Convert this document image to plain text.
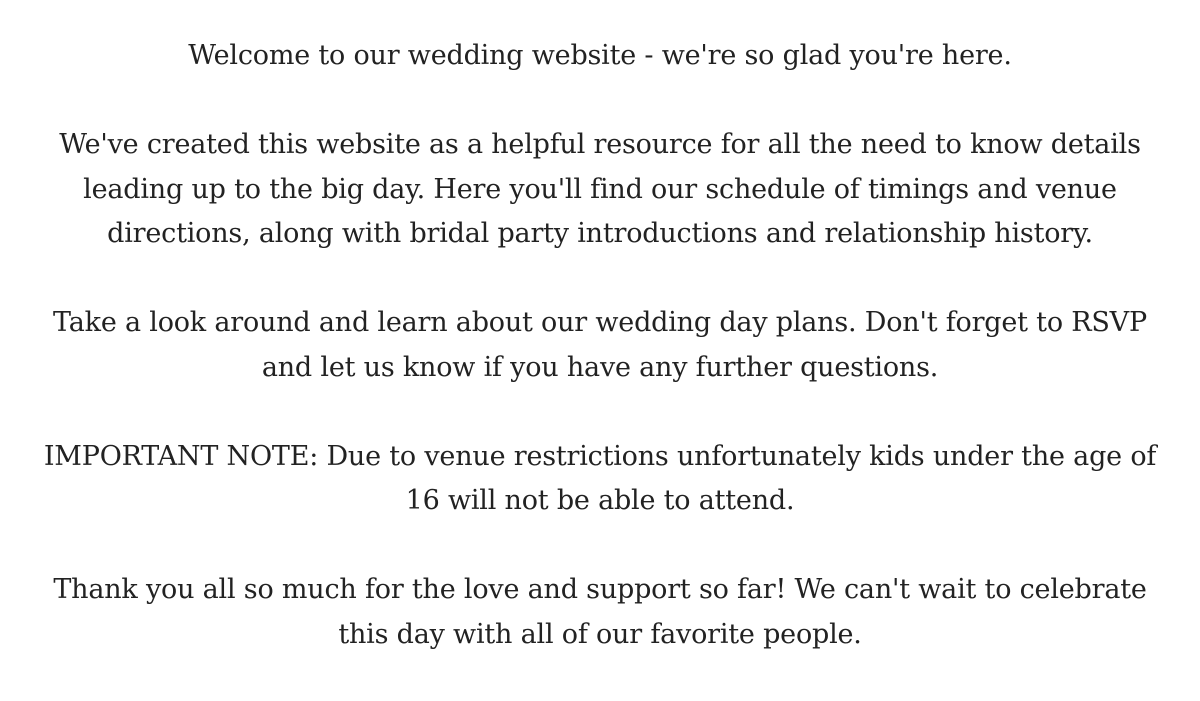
Welcome to our wedding website - we're so glad you're here.

We've created this website as a helpful resource for all the need to know details leading up to the big day. Here you'll find our schedule of timings and venue directions, along with bridal party introductions and relationship history.

Take a look around and learn about our wedding day plans. Don't forget to RSVP and let us know if you have any further questions.

IMPORTANT NOTE: Due to venue restrictions unfortunately kids under the age of 16 will not be able to attend.

Thank you all so much for the love and support so far! We can't wait to celebrate this day with all of our favorite people.
